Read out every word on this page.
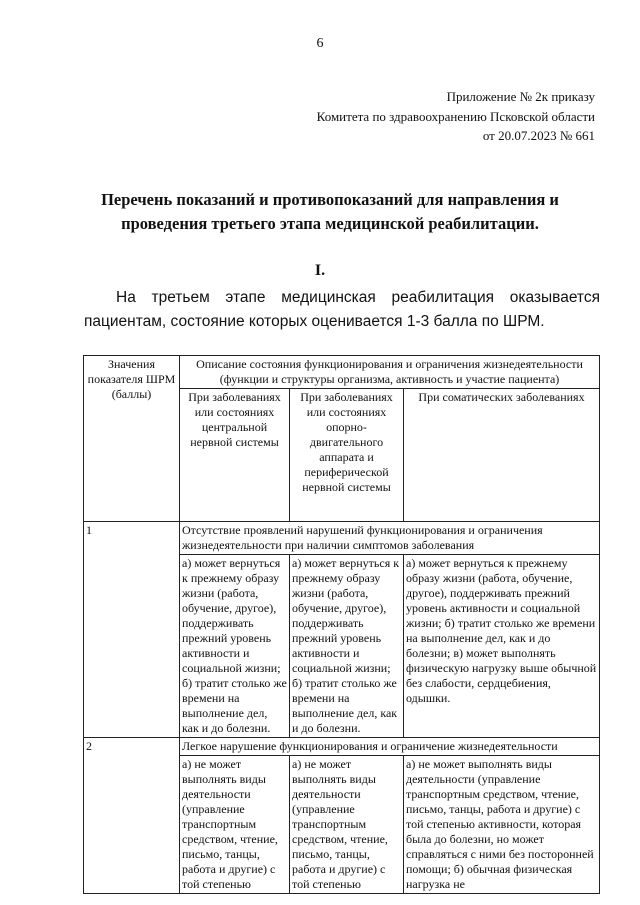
6
Приложение № 2к приказу
Комитета по здравоохранению Псковской области
от 20.07.2023 № 661
Перечень показаний и противопоказаний для направления и проведения третьего этапа медицинской реабилитации.
I.
На третьем этапе медицинская реабилитация оказывается пациентам, состояние которых оценивается 1-3 балла по ШРМ.
Значения показателя ШРМ (баллы)	Описание состояния функционирования и ограничения жизнедеятельности (функции и структуры организма, активность и участие пациента)		
	При заболеваниях или состояниях центральной нервной системы	При заболеваниях или состояниях опорно-двигательного аппарата и периферической нервной системы	При соматических заболеваниях
1	Отсутствие проявлений нарушений функционирования и ограничения жизнедеятельности при наличии симптомов заболевания		
	а) может вернуться к прежнему образу жизни (работа, обучение, другое), поддерживать прежний уровень активности и социальной жизни; б) тратит столько же времени на выполнение дел, как и до болезни.	а) может вернуться к прежнему образу жизни (работа, обучение, другое), поддерживать прежний уровень активности и социальной жизни; б) тратит столько же времени на выполнение дел, как и до болезни.	а) может вернуться к прежнему образу жизни (работа, обучение, другое), поддерживать прежний уровень активности и социальной жизни; б) тратит столько же времени на выполнение дел, как и до болезни; в) может выполнять физическую нагрузку выше обычной без слабости, сердцебиения, одышки.
2	Легкое нарушение функционирования и ограничение жизнедеятельности		
	а) не может выполнять виды деятельности (управление транспортным средством, чтение, письмо, танцы, работа и другие) с той степенью	а) не может выполнять виды деятельности (управление транспортным средством, чтение, письмо, танцы, работа и другие) с той степенью	а) не может выполнять виды деятельности (управление транспортным средством, чтение, письмо, танцы, работа и другие) с той степенью активности, которая была до болезни, но может справляться с ними без посторонней помощи; б) обычная физическая нагрузка не
